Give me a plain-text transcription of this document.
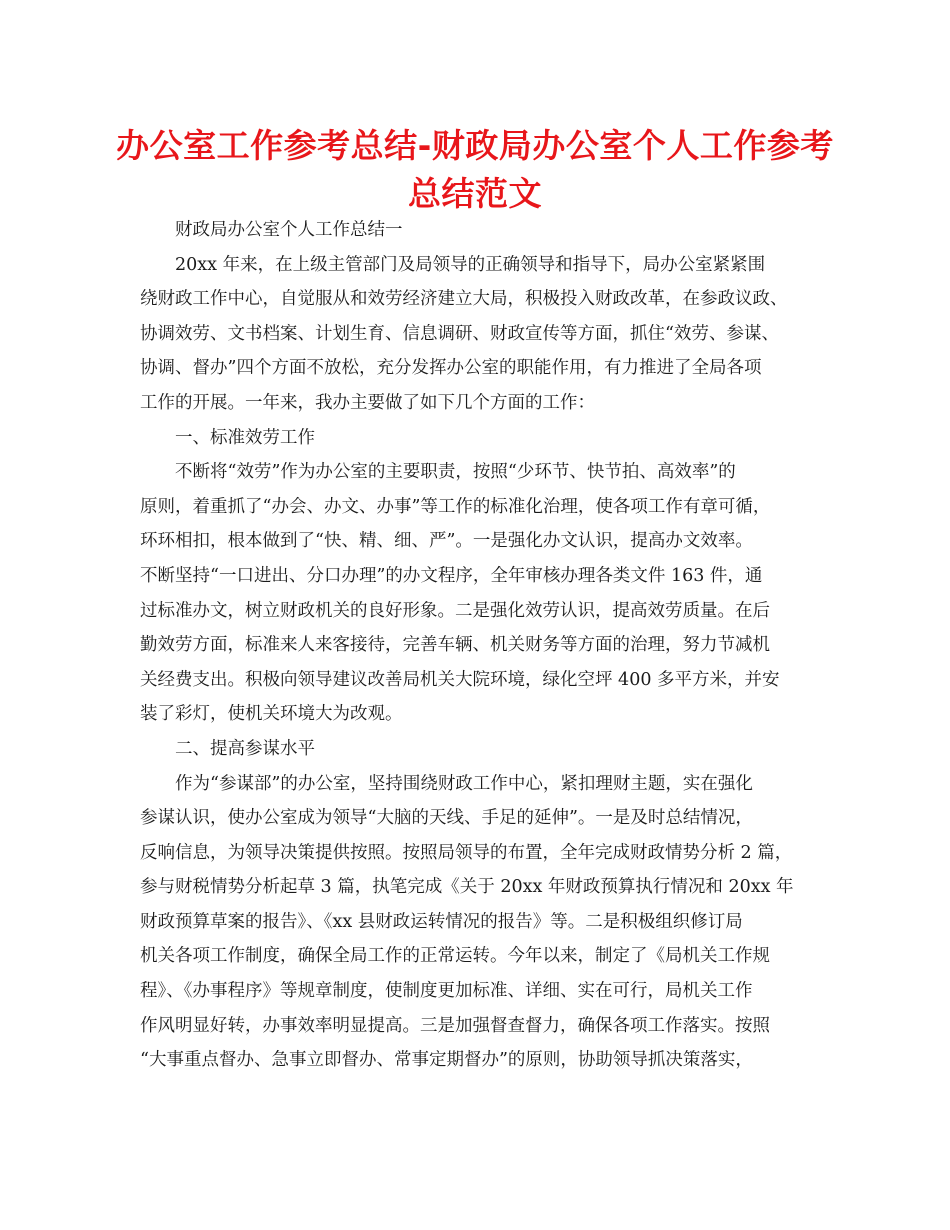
办公室工作参考总结-财政局办公室个人工作参考
总结范文
财政局办公室个人工作总结一
20xx 年来，在上级主管部门及局领导的正确领导和指导下，局办公室紧紧围
绕财政工作中心，自觉服从和效劳经济建立大局，积极投入财政改革，在参政议政、
协调效劳、文书档案、计划生育、信息调研、财政宣传等方面，抓住“效劳、参谋、
协调、督办”四个方面不放松，充分发挥办公室的职能作用，有力推进了全局各项
工作的开展。一年来，我办主要做了如下几个方面的工作：
一、标准效劳工作
不断将“效劳”作为办公室的主要职责，按照“少环节、快节拍、高效率”的
原则，着重抓了“办会、办文、办事”等工作的标准化治理，使各项工作有章可循，
环环相扣，根本做到了“快、精、细、严”。一是强化办文认识，提高办文效率。
不断坚持“一口进出、分口办理”的办文程序，全年审核办理各类文件 163 件，通
过标准办文，树立财政机关的良好形象。二是强化效劳认识，提高效劳质量。在后
勤效劳方面，标准来人来客接待，完善车辆、机关财务等方面的治理，努力节减机
关经费支出。积极向领导建议改善局机关大院环境，绿化空坪 400 多平方米，并安
装了彩灯，使机关环境大为改观。
二、提高参谋水平
作为“参谋部”的办公室，坚持围绕财政工作中心，紧扣理财主题，实在强化
参谋认识，使办公室成为领导“大脑的天线、手足的延伸”。一是及时总结情况，
反响信息，为领导决策提供按照。按照局领导的布置，全年完成财政情势分析 2 篇，
参与财税情势分析起草 3 篇，执笔完成《关于 20xx 年财政预算执行情况和 20xx 年
财政预算草案的报告》、《xx 县财政运转情况的报告》等。二是积极组织修订局
机关各项工作制度，确保全局工作的正常运转。今年以来，制定了《局机关工作规
程》、《办事程序》等规章制度，使制度更加标准、详细、实在可行，局机关工作
作风明显好转，办事效率明显提高。三是加强督查督力，确保各项工作落实。按照
“大事重点督办、急事立即督办、常事定期督办”的原则，协助领导抓决策落实，
